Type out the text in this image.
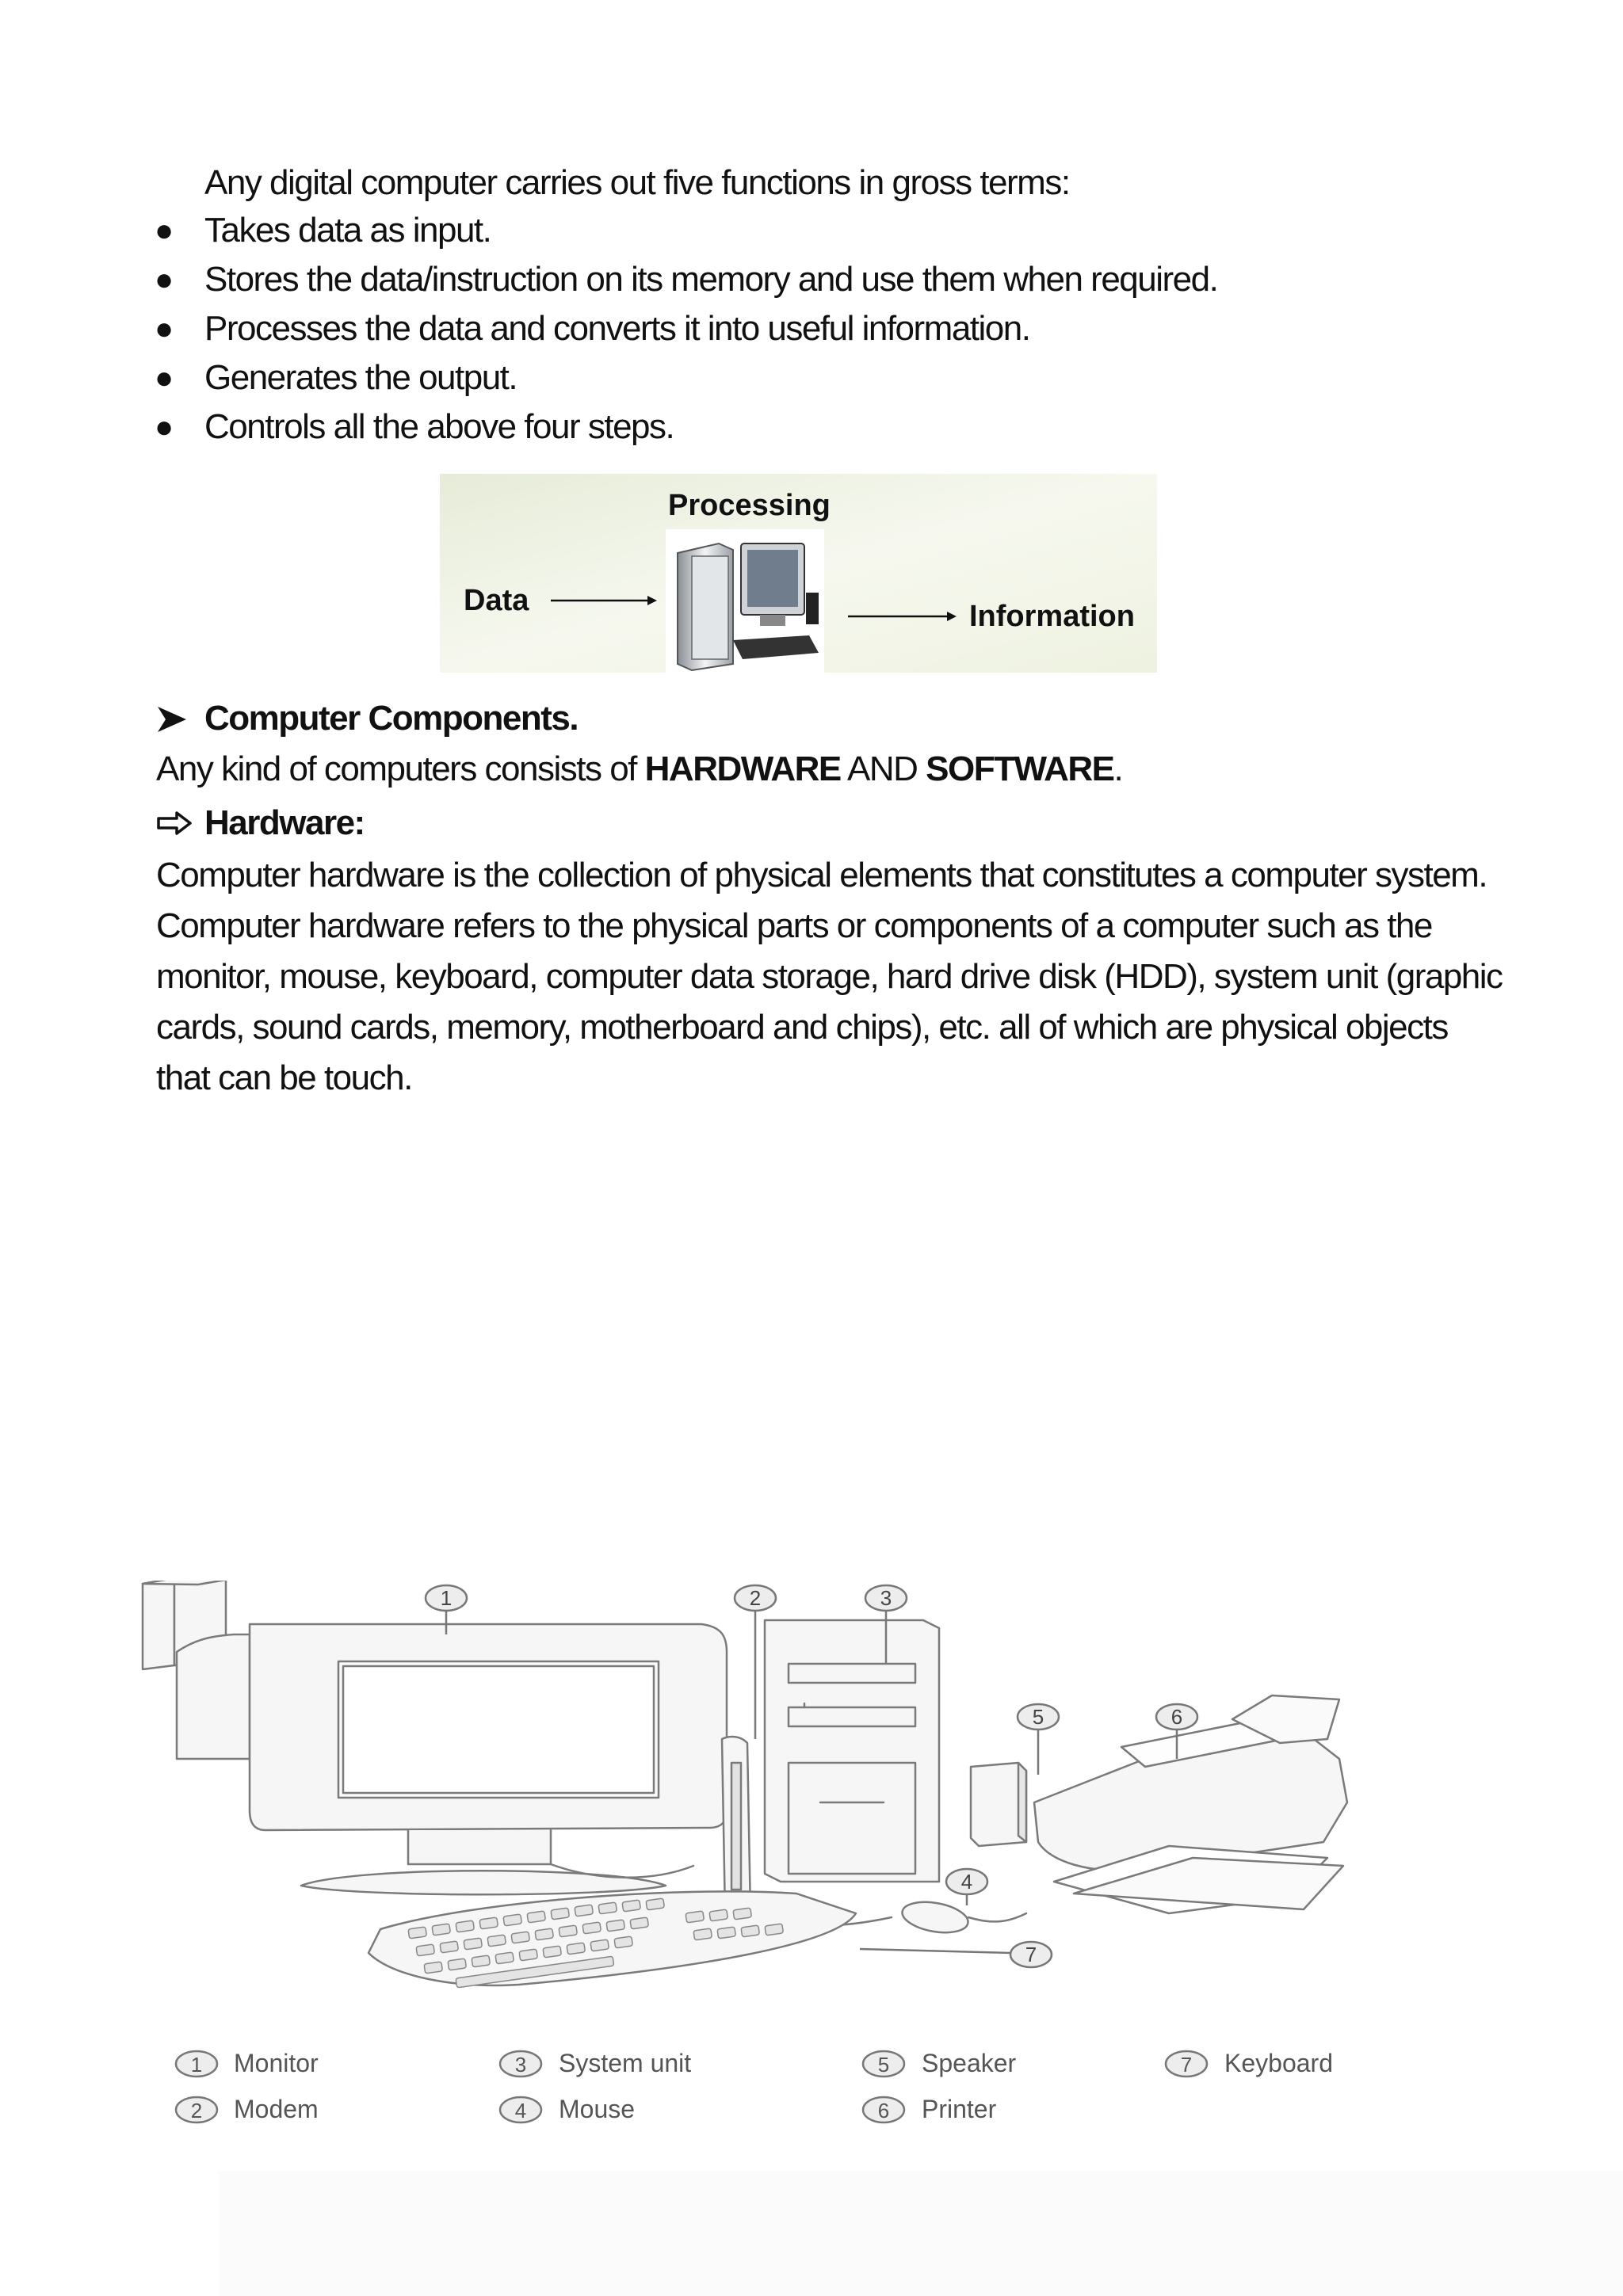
Any digital computer carries out five functions in gross terms:
● Takes data as input.
● Stores the data/instruction on its memory and use them when required.
● Processes the data and converts it into useful information.
● Generates the output.
● Controls all the above four steps.
Processing
Data	Information
Computer Components.
Any kind of computers consists of HARDWARE AND SOFTWARE.
Hardware:
Computer hardware is the collection of physical elements that constitutes a computer system.
Computer hardware refers to the physical parts or components of a computer such as the
monitor, mouse, keyboard, computer data storage, hard drive disk (HDD), system unit (graphic
cards, sound cards, memory, motherboard and chips), etc. all of which are physical objects
that can be touch.
1	2	3
4
5	6
7
1 Monitor
2 Modem
3 System unit
4 Mouse
5 Speaker
6 Printer
7 Keyboard
